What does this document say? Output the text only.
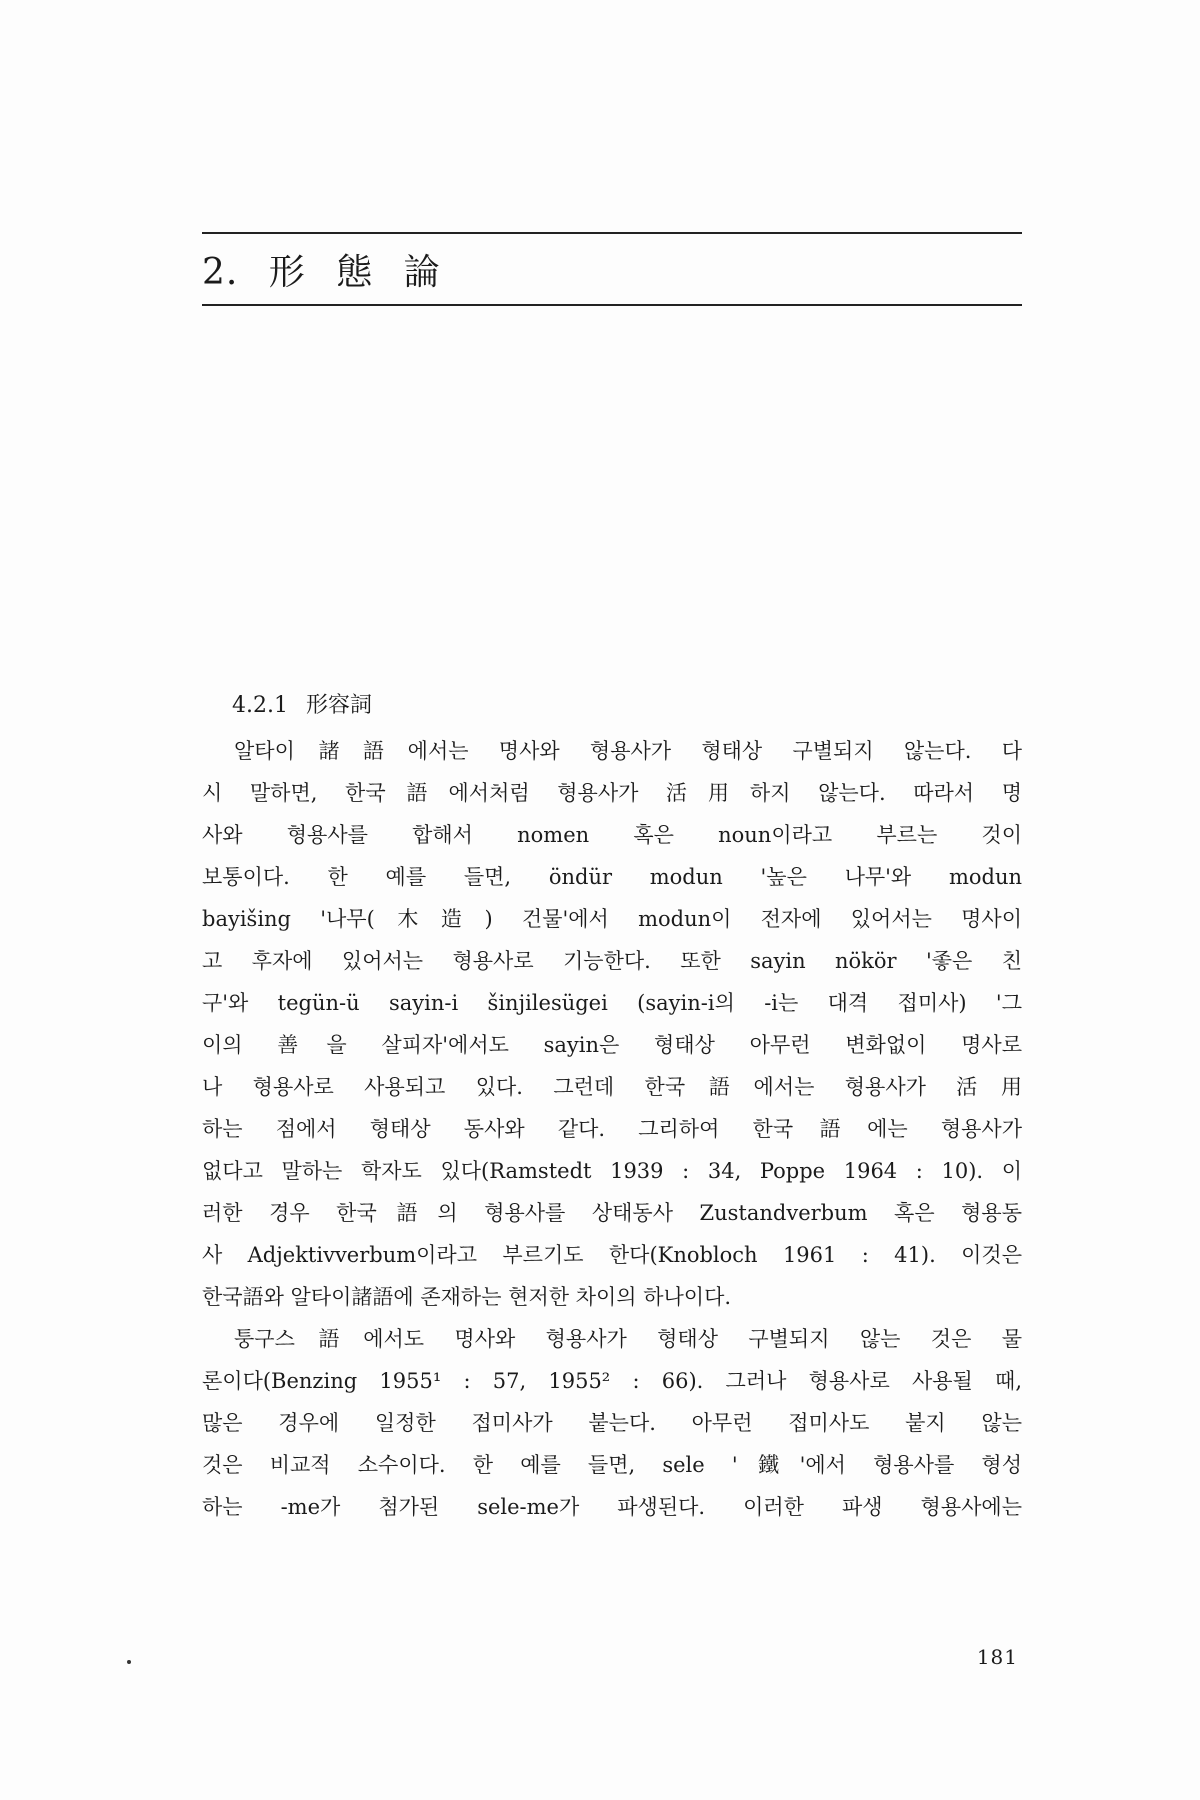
2. 形 態 論
4.2.1 形容詞
알타이諸語에서는 명사와 형용사가 형태상 구별되지 않는다. 다
시 말하면, 한국語에서처럼 형용사가 活用하지 않는다. 따라서 명
사와 형용사를 합해서 nomen 혹은 noun이라고 부르는 것이
보통이다. 한 예를 들면, öndür modun '높은 나무'와 modun
bayišing '나무(木造) 건물'에서 modun이 전자에 있어서는 명사이
고 후자에 있어서는 형용사로 기능한다. 또한 sayin nökör '좋은 친
구'와 tegün-ü sayin-i šinjilesügei (sayin-i의 -i는 대격 접미사) '그
이의 善을 살피자'에서도 sayin은 형태상 아무런 변화없이 명사로
나 형용사로 사용되고 있다. 그런데 한국語에서는 형용사가 活用
하는 점에서 형태상 동사와 같다. 그리하여 한국語에는 형용사가
없다고 말하는 학자도 있다(Ramstedt 1939 : 34, Poppe 1964 : 10). 이
러한 경우 한국語의 형용사를 상태동사 Zustandverbum 혹은 형용동
사 Adjektivverbum이라고 부르기도 한다(Knobloch 1961 : 41). 이것은
한국語와 알타이諸語에 존재하는 현저한 차이의 하나이다.
퉁구스語에서도 명사와 형용사가 형태상 구별되지 않는 것은 물
론이다(Benzing 1955¹ : 57, 1955² : 66). 그러나 형용사로 사용될 때,
많은 경우에 일정한 접미사가 붙는다. 아무런 접미사도 붙지 않는
것은 비교적 소수이다. 한 예를 들면, sele '鐵'에서 형용사를 형성
하는 -me가 첨가된 sele-me가 파생된다. 이러한 파생 형용사에는
181
